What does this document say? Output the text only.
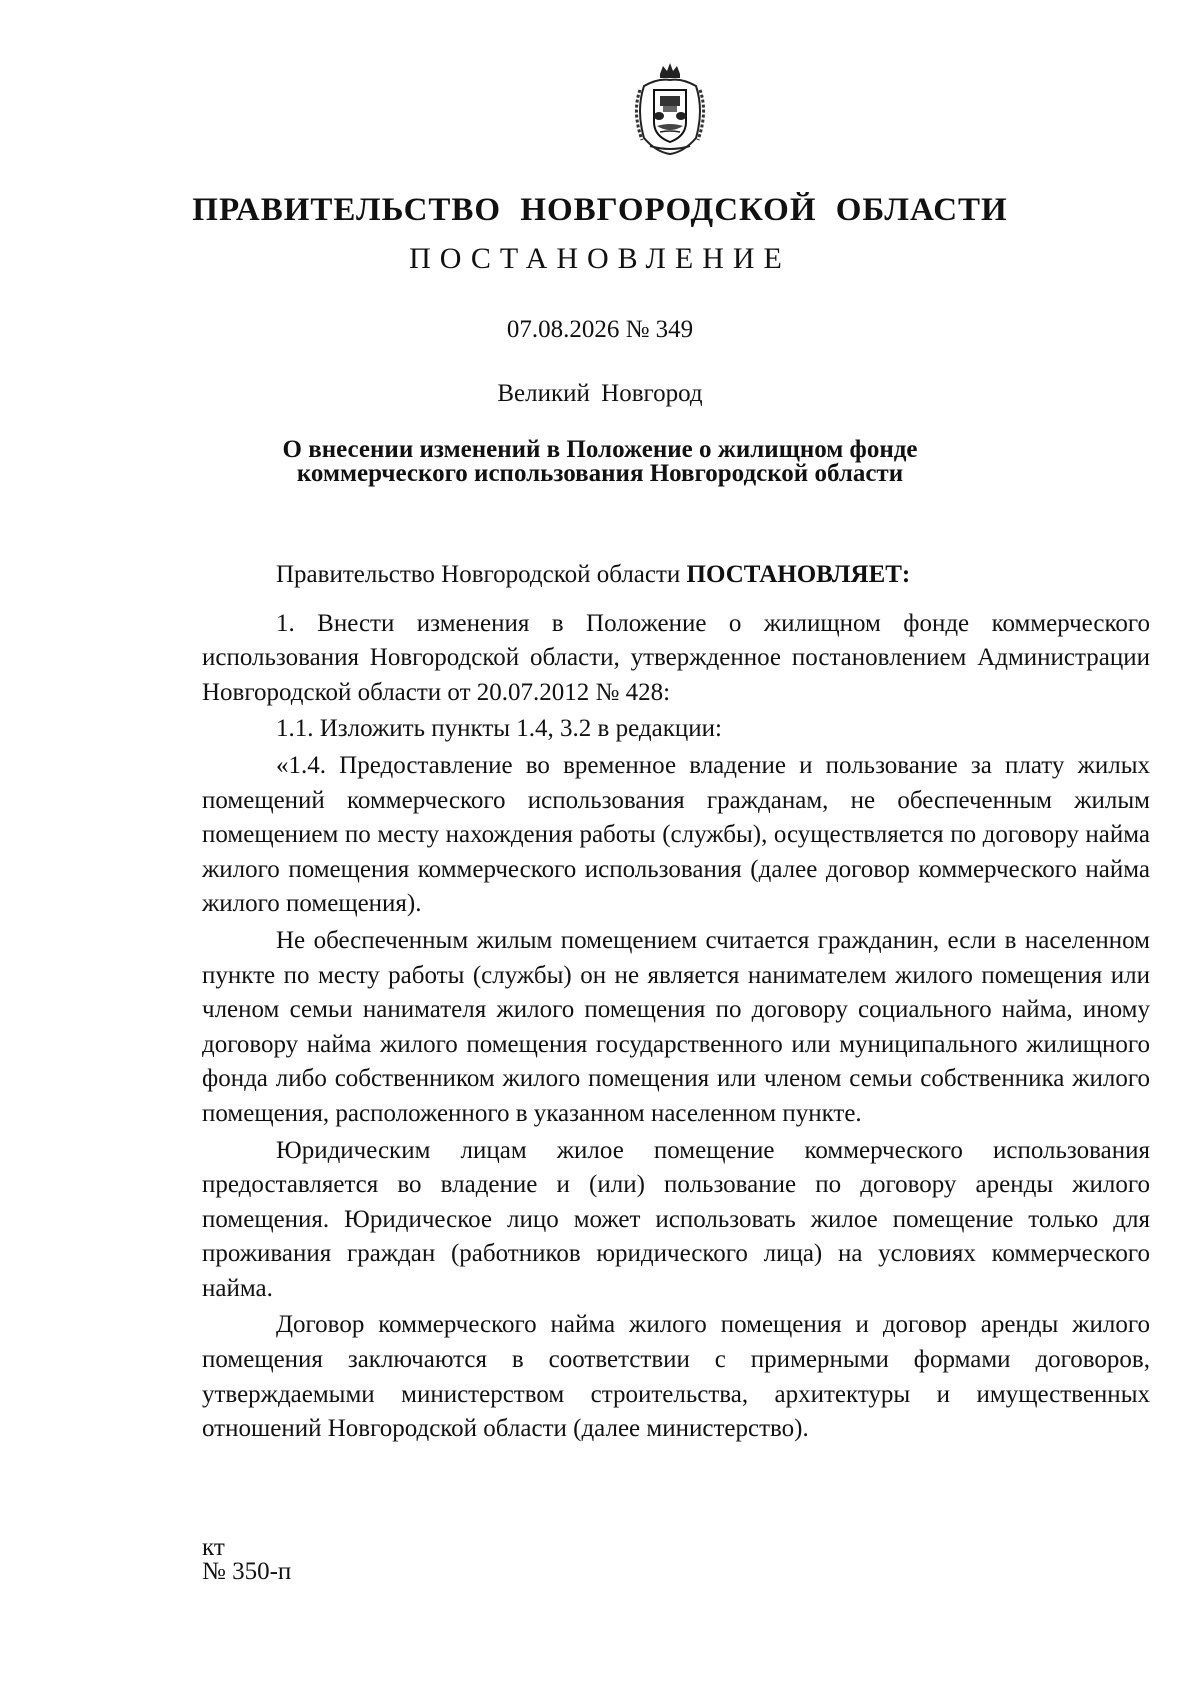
ПРАВИТЕЛЬСТВО НОВГОРОДСКОЙ ОБЛАСТИ
ПОСТАНОВЛЕНИЕ
07.08.2026 № 349
Великий Новгород
О внесении изменений в Положение о жилищном фонде
коммерческого использования Новгородской области

Правительство Новгородской области ПОСТАНОВЛЯЕТ:

1. Внести изменения в Положение о жилищном фонде коммерческого использования Новгородской области, утвержденное постановлением Администрации Новгородской области от 20.07.2012 № 428:

1.1. Изложить пункты 1.4, 3.2 в редакции:

«1.4. Предоставление во временное владение и пользование за плату жилых помещений коммерческого использования гражданам, не обеспеченным жилым помещением по месту нахождения работы (службы), осуществляется по договору найма жилого помещения коммерческого использования (далее договор коммерческого найма жилого помещения).

Не обеспеченным жилым помещением считается гражданин, если в населенном пункте по месту работы (службы) он не является нанимателем жилого помещения или членом семьи нанимателя жилого помещения по договору социального найма, иному договору найма жилого помещения государственного или муниципального жилищного фонда либо собственником жилого помещения или членом семьи собственника жилого помещения, расположенного в указанном населенном пункте.

Юридическим лицам жилое помещение коммерческого использования предоставляется во владение и (или) пользование по договору аренды жилого помещения. Юридическое лицо может использовать жилое помещение только для проживания граждан (работников юридического лица) на условиях коммерческого найма.

Договор коммерческого найма жилого помещения и договор аренды жилого помещения заключаются в соответствии с примерными формами договоров, утверждаемыми министерством строительства, архитектуры и имущественных отношений Новгородской области (далее министерство).

кт
№ 350-п
